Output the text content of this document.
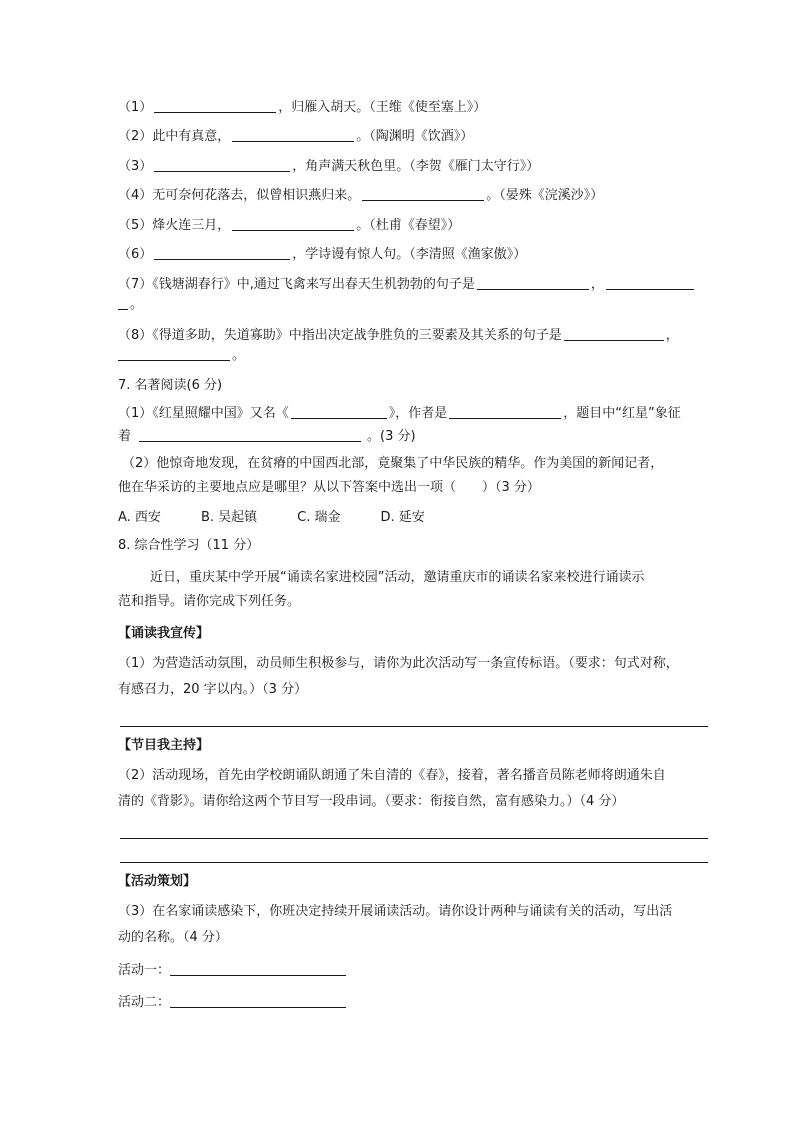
（1）	，归雁入胡天。（王维《使至塞上》）
（2）此中有真意，	。（陶渊明《饮酒》）
（3）	，角声满天秋色里。（李贺《雁门太守行》）
（4）无可奈何花落去，似曾相识燕归来。	。（晏殊《浣溪沙》）
（5）烽火连三月，	。（杜甫《春望》）
（6）	，学诗谩有惊人句。（李清照《渔家傲》）
（7）《钱塘湖春行》中,通过飞禽来写出春天生机勃勃的句子是	，
。
（8）《得道多助，失道寡助》中指出决定战争胜负的三要素及其关系的句子是	，
。
7. 名著阅读(6 分)
（1）《红星照耀中国》又名《	》，作者是	，题目中“红星”象征
着	。(3 分)
（2）他惊奇地发现，在贫瘠的中国西北部，竟聚集了中华民族的精华。作为美国的新闻记者，
他在华采访的主要地点应是哪里？从以下答案中选出一项（　　）（3 分）
A. 西安	B. 吴起镇	C. 瑞金	D. 延安
8. 综合性学习（11 分）
近日，重庆某中学开展“诵读名家进校园”活动，邀请重庆市的诵读名家来校进行诵读示
范和指导。请你完成下列任务。
【诵读我宣传】
（1）为营造活动氛围，动员师生积极参与，请你为此次活动写一条宣传标语。（要求：句式对称，
有感召力，20 字以内。）（3 分）
【节目我主持】
（2）活动现场，首先由学校朗诵队朗通了朱自清的《春》，接着，著名播音员陈老师将朗通朱自
清的《背影》。请你给这两个节目写一段串词。（要求：衔接自然，富有感染力。）（4 分）
【活动策划】
（3）在名家诵读感染下，你班决定持续开展诵读活动。请你设计两种与诵读有关的活动，写出活
动的名称。（4 分）
活动一：
活动二：
